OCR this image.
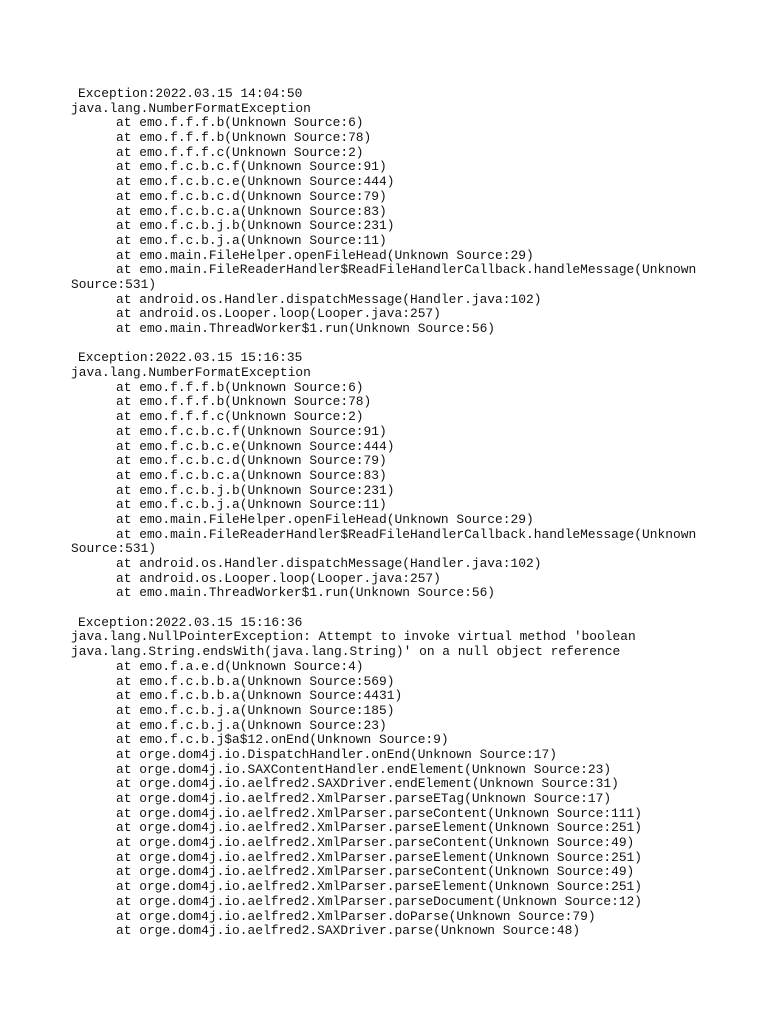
Exception:2022.03.15 14:04:50
java.lang.NumberFormatException
at emo.f.f.f.b(Unknown Source:6)
at emo.f.f.f.b(Unknown Source:78)
at emo.f.f.f.c(Unknown Source:2)
at emo.f.c.b.c.f(Unknown Source:91)
at emo.f.c.b.c.e(Unknown Source:444)
at emo.f.c.b.c.d(Unknown Source:79)
at emo.f.c.b.c.a(Unknown Source:83)
at emo.f.c.b.j.b(Unknown Source:231)
at emo.f.c.b.j.a(Unknown Source:11)
at emo.main.FileHelper.openFileHead(Unknown Source:29)
at emo.main.FileReaderHandler$ReadFileHandlerCallback.handleMessage(Unknown
Source:531)
at android.os.Handler.dispatchMessage(Handler.java:102)
at android.os.Looper.loop(Looper.java:257)
at emo.main.ThreadWorker$1.run(Unknown Source:56)
Exception:2022.03.15 15:16:35
java.lang.NumberFormatException
at emo.f.f.f.b(Unknown Source:6)
at emo.f.f.f.b(Unknown Source:78)
at emo.f.f.f.c(Unknown Source:2)
at emo.f.c.b.c.f(Unknown Source:91)
at emo.f.c.b.c.e(Unknown Source:444)
at emo.f.c.b.c.d(Unknown Source:79)
at emo.f.c.b.c.a(Unknown Source:83)
at emo.f.c.b.j.b(Unknown Source:231)
at emo.f.c.b.j.a(Unknown Source:11)
at emo.main.FileHelper.openFileHead(Unknown Source:29)
at emo.main.FileReaderHandler$ReadFileHandlerCallback.handleMessage(Unknown
Source:531)
at android.os.Handler.dispatchMessage(Handler.java:102)
at android.os.Looper.loop(Looper.java:257)
at emo.main.ThreadWorker$1.run(Unknown Source:56)
Exception:2022.03.15 15:16:36
java.lang.NullPointerException: Attempt to invoke virtual method 'boolean
java.lang.String.endsWith(java.lang.String)' on a null object reference
at emo.f.a.e.d(Unknown Source:4)
at emo.f.c.b.b.a(Unknown Source:569)
at emo.f.c.b.b.a(Unknown Source:4431)
at emo.f.c.b.j.a(Unknown Source:185)
at emo.f.c.b.j.a(Unknown Source:23)
at emo.f.c.b.j$a$12.onEnd(Unknown Source:9)
at orge.dom4j.io.DispatchHandler.onEnd(Unknown Source:17)
at orge.dom4j.io.SAXContentHandler.endElement(Unknown Source:23)
at orge.dom4j.io.aelfred2.SAXDriver.endElement(Unknown Source:31)
at orge.dom4j.io.aelfred2.XmlParser.parseETag(Unknown Source:17)
at orge.dom4j.io.aelfred2.XmlParser.parseContent(Unknown Source:111)
at orge.dom4j.io.aelfred2.XmlParser.parseElement(Unknown Source:251)
at orge.dom4j.io.aelfred2.XmlParser.parseContent(Unknown Source:49)
at orge.dom4j.io.aelfred2.XmlParser.parseElement(Unknown Source:251)
at orge.dom4j.io.aelfred2.XmlParser.parseContent(Unknown Source:49)
at orge.dom4j.io.aelfred2.XmlParser.parseElement(Unknown Source:251)
at orge.dom4j.io.aelfred2.XmlParser.parseDocument(Unknown Source:12)
at orge.dom4j.io.aelfred2.XmlParser.doParse(Unknown Source:79)
at orge.dom4j.io.aelfred2.SAXDriver.parse(Unknown Source:48)
